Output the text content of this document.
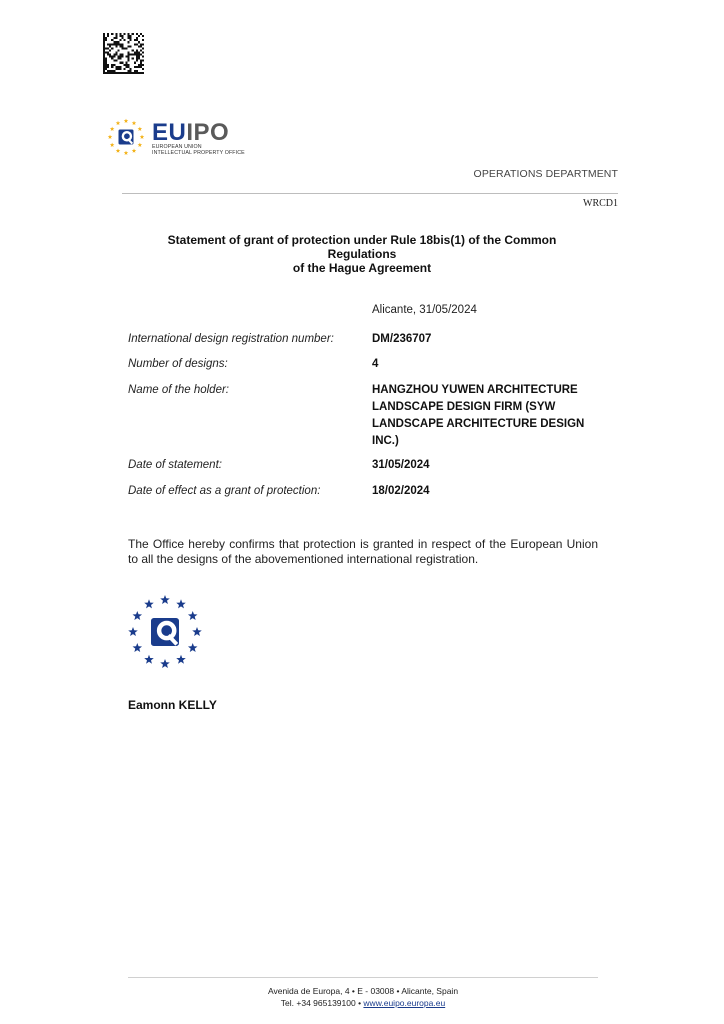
EUIPO
EUROPEAN UNION
INTELLECTUAL PROPERTY OFFICE
OPERATIONS DEPARTMENT
WRCD1
Statement of grant of protection under Rule 18bis(1) of the Common
Regulations
of the Hague Agreement
Alicante, 31/05/2024
International design registration number:	DM/236707
Number of designs:	4
Name of the holder:	HANGZHOU YUWEN ARCHITECTURE LANDSCAPE DESIGN FIRM (SYW LANDSCAPE ARCHITECTURE DESIGN INC.)
Date of statement:	31/05/2024
Date of effect as a grant of protection:	18/02/2024
The Office hereby confirms that protection is granted in respect of the European Union to all the designs of the abovementioned international registration.
Eamonn KELLY
Avenida de Europa, 4 • E - 03008 • Alicante, Spain
Tel. +34 965139100 • www.euipo.europa.eu
